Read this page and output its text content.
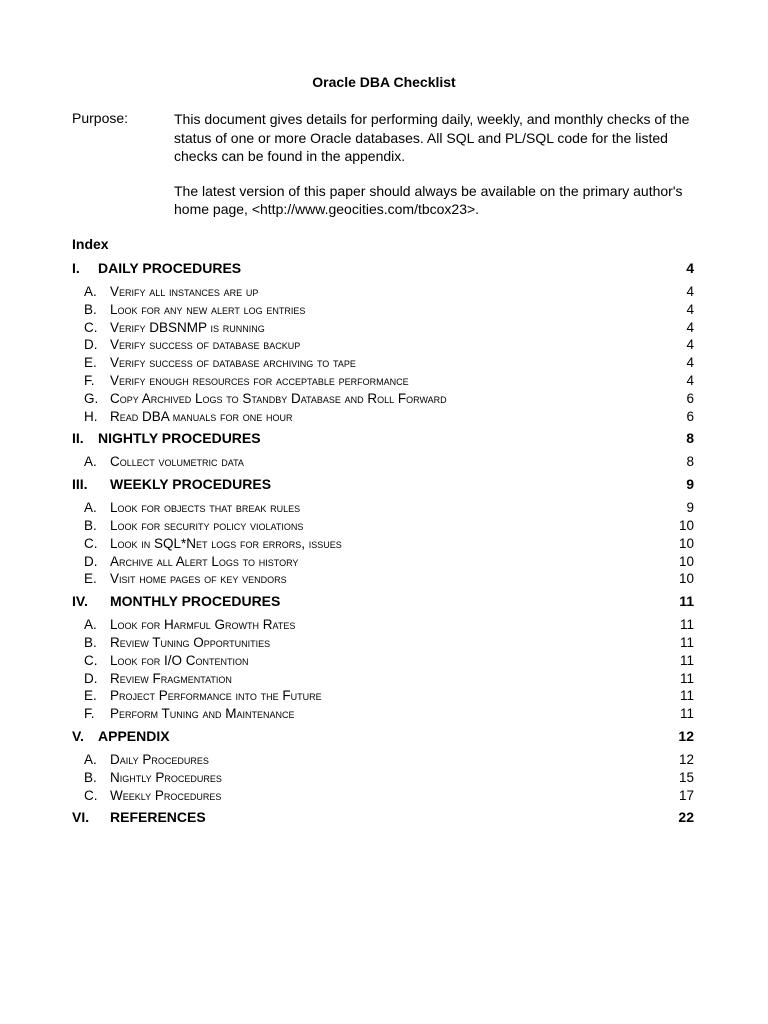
Oracle DBA Checklist
Purpose:	This document gives details for performing daily, weekly, and monthly checks of the status of one or more Oracle databases. All SQL and PL/SQL code for the listed checks can be found in the appendix.

The latest version of this paper should always be available on the primary author's home page, <http://www.geocities.com/tbcox23>.

Index
I. DAILY PROCEDURES	4
A. Verify all instances are up	4
B. Look for any new alert log entries	4
C. Verify DBSNMP is running	4
D. Verify success of database backup	4
E. Verify success of database archiving to tape	4
F. Verify enough resources for acceptable performance	4
G. Copy Archived Logs to Standby Database and Roll Forward	6
H. Read DBA manuals for one hour	6
II. NIGHTLY PROCEDURES	8
A. Collect volumetric data	8
III. WEEKLY PROCEDURES	9
A. Look for objects that break rules	9
B. Look for security policy violations	10
C. Look in SQL*Net logs for errors, issues	10
D. Archive all Alert Logs to history	10
E. Visit home pages of key vendors	10
IV. MONTHLY PROCEDURES	11
A. Look for Harmful Growth Rates	11
B. Review Tuning Opportunities	11
C. Look for I/O Contention	11
D. Review Fragmentation	11
E. Project Performance into the Future	11
F. Perform Tuning and Maintenance	11
V. APPENDIX	12
A. Daily Procedures	12
B. Nightly Procedures	15
C. Weekly Procedures	17
VI. REFERENCES	22
